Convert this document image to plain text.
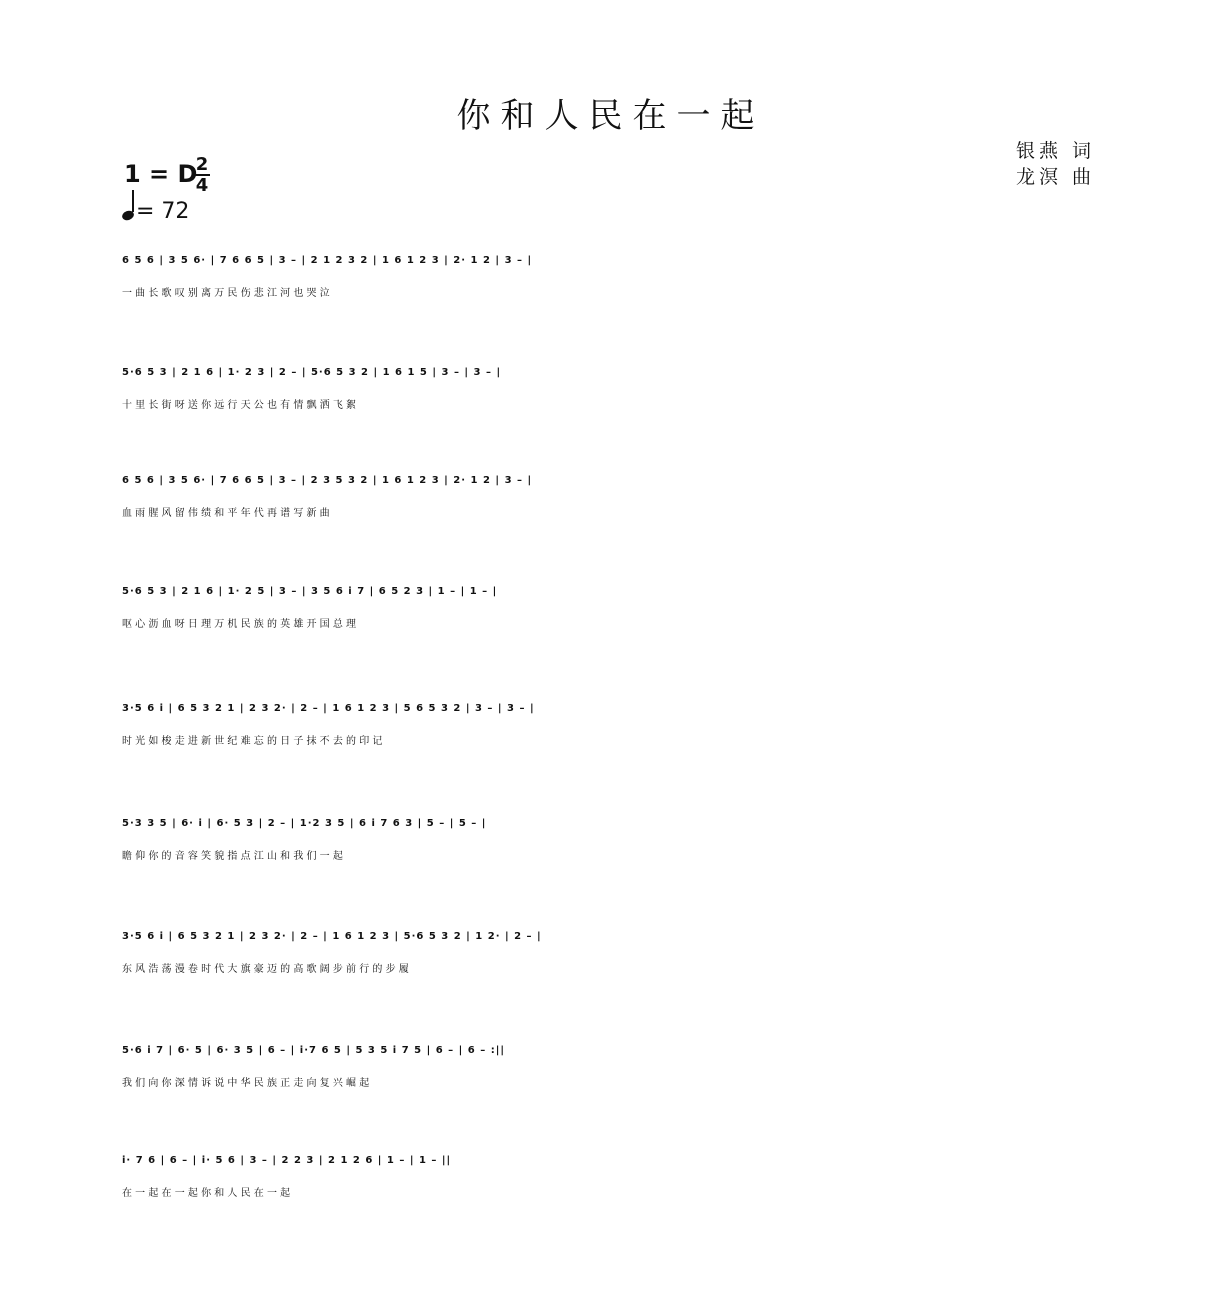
你和人民在一起
银燕 词
龙溟 曲
1 = D
2
4
= 72
6 5 6 | 3 5 6· | 7 6 6 5 | 3 – | 2 1 2 3 2 | 1 6 1 2 3 | 2· 1 2 | 3 – |
一 曲 长 歌 叹 别 离 万 民 伤 悲 江 河 也 哭 泣
5·6 5 3 | 2 1 6 | 1· 2 3 | 2 – | 5·6 5 3 2 | 1 6 1 5 | 3 – | 3 – |
十 里 长 街 呀 送 你 远 行 天 公 也 有 情 飘 洒 飞 絮
6 5 6 | 3 5 6· | 7 6 6 5 | 3 – | 2 3 5 3 2 | 1 6 1 2 3 | 2· 1 2 | 3 – |
血 雨 腥 风 留 伟 绩 和 平 年 代 再 谱 写 新 曲
5·6 5 3 | 2 1 6 | 1· 2 5 | 3 – | 3 5 6 i 7 | 6 5 2 3 | 1 – | 1 – |
呕 心 沥 血 呀 日 理 万 机 民 族 的 英 雄 开 国 总 理
3·5 6 i | 6 5 3 2 1 | 2 3 2· | 2 – | 1 6 1 2 3 | 5 6 5 3 2 | 3 – | 3 – |
时 光 如 梭 走 进 新 世 纪 难 忘 的 日 子 抹 不 去 的 印 记
5·3 3 5 | 6· i | 6· 5 3 | 2 – | 1·2 3 5 | 6 i 7 6 3 | 5 – | 5 – |
瞻 仰 你 的 音 容 笑 貌 指 点 江 山 和 我 们 一 起
3·5 6 i | 6 5 3 2 1 | 2 3 2· | 2 – | 1 6 1 2 3 | 5·6 5 3 2 | 1 2· | 2 – |
东 风 浩 荡 漫 卷 时 代 大 旗 豪 迈 的 高 歌 阔 步 前 行 的 步 履
5·6 i 7 | 6· 5 | 6· 3 5 | 6 – | i·7 6 5 | 5 3 5 i 7 5 | 6 – | 6 – :||
我 们 向 你 深 情 诉 说 中 华 民 族 正 走 向 复 兴 崛 起
i· 7 6 | 6 – | i· 5 6 | 3 – | 2 2 3 | 2 1 2 6 | 1 – | 1 – ||
在 一 起 在 一 起 你 和 人 民 在 一 起
